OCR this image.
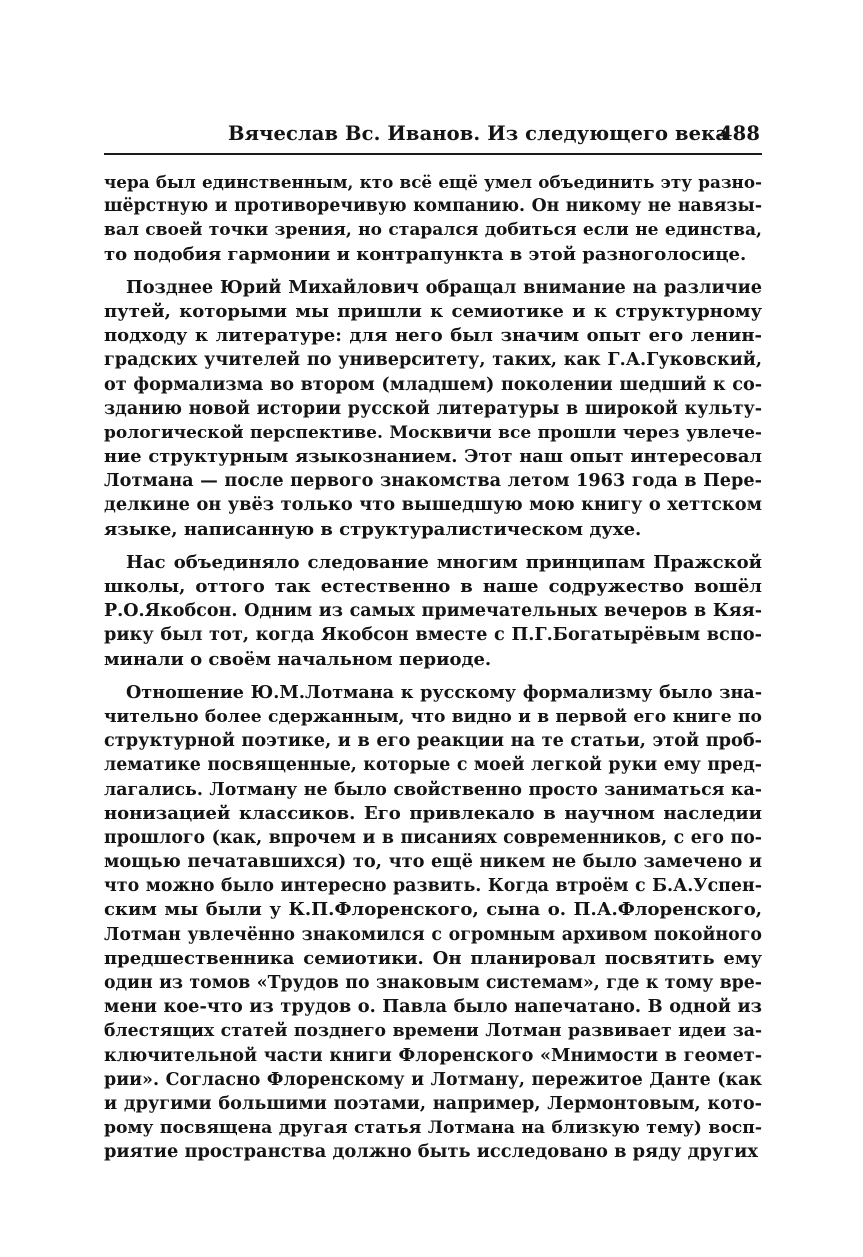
Вячеслав Вс. Иванов. Из следующего века
488
чера был единственным, кто всё ещё умел объединить эту разно-
шёрстную и противоречивую компанию. Он никому не навязы-
вал своей точки зрения, но старался добиться если не единства,
то подобия гармонии и контрапункта в этой разноголосице.
Позднее Юрий Михайлович обращал внимание на различие
путей, которыми мы пришли к семиотике и к структурному
подходу к литературе: для него был значим опыт его ленин-
градских учителей по университету, таких, как Г.А.Гуковский,
от формализма во втором (младшем) поколении шедший к со-
зданию новой истории русской литературы в широкой культу-
рологической перспективе. Москвичи все прошли через увлече-
ние структурным языкознанием. Этот наш опыт интересовал
Лотмана — после первого знакомства летом 1963 года в Пере-
делкине он увёз только что вышедшую мою книгу о хеттском
языке, написанную в структуралистическом духе.
Нас объединяло следование многим принципам Пражской
школы, оттого так естественно в наше содружество вошёл
Р.О.Якобсон. Одним из самых примечательных вечеров в Кяя-
рику был тот, когда Якобсон вместе с П.Г.Богатырёвым вспо-
минали о своём начальном периоде.
Отношение Ю.М.Лотмана к русскому формализму было зна-
чительно более сдержанным, что видно и в первой его книге по
структурной поэтике, и в его реакции на те статьи, этой проб-
лематике посвященные, которые с моей легкой руки ему пред-
лагались. Лотману не было свойственно просто заниматься ка-
нонизацией классиков. Его привлекало в научном наследии
прошлого (как, впрочем и в писаниях современников, с его по-
мощью печатавшихся) то, что ещё никем не было замечено и
что можно было интересно развить. Когда втроём с Б.А.Успен-
ским мы были у К.П.Флоренского, сына о. П.А.Флоренского,
Лотман увлечённо знакомился с огромным архивом покойного
предшественника семиотики. Он планировал посвятить ему
один из томов «Трудов по знаковым системам», где к тому вре-
мени кое-что из трудов о. Павла было напечатано. В одной из
блестящих статей позднего времени Лотман развивает идеи за-
ключительной части книги Флоренского «Мнимости в геомет-
рии». Согласно Флоренскому и Лотману, пережитое Данте (как
и другими большими поэтами, например, Лермонтовым, кото-
рому посвящена другая статья Лотмана на близкую тему) восп-
риятие пространства должно быть исследовано в ряду других
